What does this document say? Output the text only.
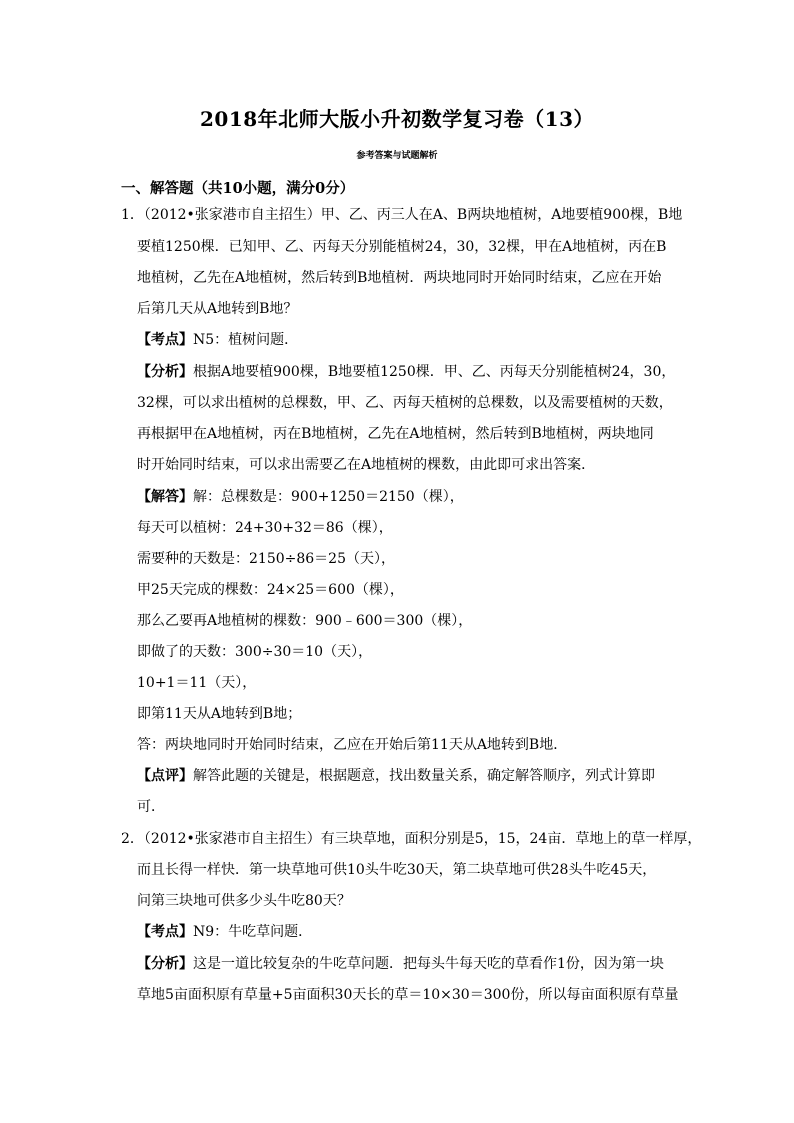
2018年北师大版小升初数学复习卷（13）
参考答案与试题解析
一、解答题（共10小题，满分0分）
1．（2012•张家港市自主招生）甲、乙、丙三人在A、B两块地植树，A地要植900棵，B地
要植1250棵．已知甲、乙、丙每天分别能植树24，30，32棵，甲在A地植树，丙在B
地植树，乙先在A地植树，然后转到B地植树．两块地同时开始同时结束，乙应在开始
后第几天从A地转到B地？
【考点】N5：植树问题．
【分析】根据A地要植900棵，B地要植1250棵．甲、乙、丙每天分别能植树24，30，
32棵，可以求出植树的总棵数，甲、乙、丙每天植树的总棵数，以及需要植树的天数，
再根据甲在A地植树，丙在B地植树，乙先在A地植树，然后转到B地植树，两块地同
时开始同时结束，可以求出需要乙在A地植树的棵数，由此即可求出答案．
【解答】解：总棵数是：900+1250＝2150（棵），
每天可以植树：24+30+32＝86（棵），
需要种的天数是：2150÷86＝25（天），
甲25天完成的棵数：24×25＝600（棵），
那么乙要再A地植树的棵数：900﹣600＝300（棵），
即做了的天数：300÷30＝10（天），
10+1＝11（天），
即第11天从A地转到B地；
答：两块地同时开始同时结束，乙应在开始后第11天从A地转到B地．
【点评】解答此题的关键是，根据题意，找出数量关系，确定解答顺序，列式计算即
可．
2．（2012•张家港市自主招生）有三块草地，面积分别是5，15，24亩．草地上的草一样厚，
而且长得一样快．第一块草地可供10头牛吃30天，第二块草地可供28头牛吃45天，
问第三块地可供多少头牛吃80天？
【考点】N9：牛吃草问题．
【分析】这是一道比较复杂的牛吃草问题．把每头牛每天吃的草看作1份，因为第一块
草地5亩面积原有草量+5亩面积30天长的草＝10×30＝300份，所以每亩面积原有草量
